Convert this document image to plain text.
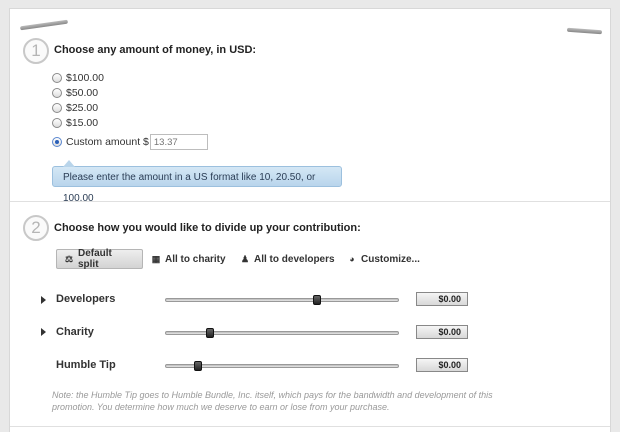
1	Choose any amount of money, in USD:
$100.00
$50.00
$25.00
$15.00
Custom amount $
13.37
Please enter the amount in a US format like 10, 20.50, or 100.00
2	Choose how you would like to divide up your contribution:
⚖ Default split
▦ All to charity ♟ All to developers ◕ Customize...
Developers	$0.00
Charity	$0.00
Humble Tip	$0.00
Note: the Humble Tip goes to Humble Bundle, Inc. itself, which pays for the bandwidth and development of this promotion. You determine how much we deserve to earn or lose from your purchase.
